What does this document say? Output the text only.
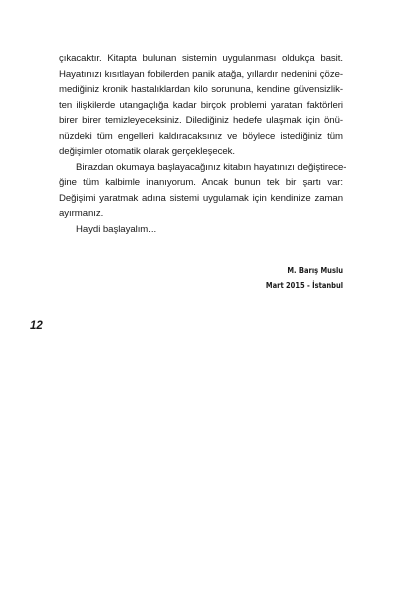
çıkacaktır. Kitapta bulunan sistemin uygulanması oldukça basit.
Hayatınızı kısıtlayan fobilerden panik atağa, yıllardır nedenini çöze-
mediğiniz kronik hastalıklardan kilo sorununa, kendine güvensizlik-
ten ilişkilerde utangaçlığa kadar birçok problemi yaratan faktörleri
birer birer temizleyeceksiniz. Dilediğiniz hedefe ulaşmak için önü-
nüzdeki tüm engelleri kaldıracaksınız ve böylece istediğiniz tüm
değişimler otomatik olarak gerçekleşecek.
Birazdan okumaya başlayacağınız kitabın hayatınızı değiştirece-
ğine tüm kalbimle inanıyorum. Ancak bunun tek bir şartı var:
Değişimi yaratmak adına sistemi uygulamak için kendinize zaman
ayırmanız.
Haydi başlayalım...
M. Barış Muslu
Mart 2015 - İstanbul
12
